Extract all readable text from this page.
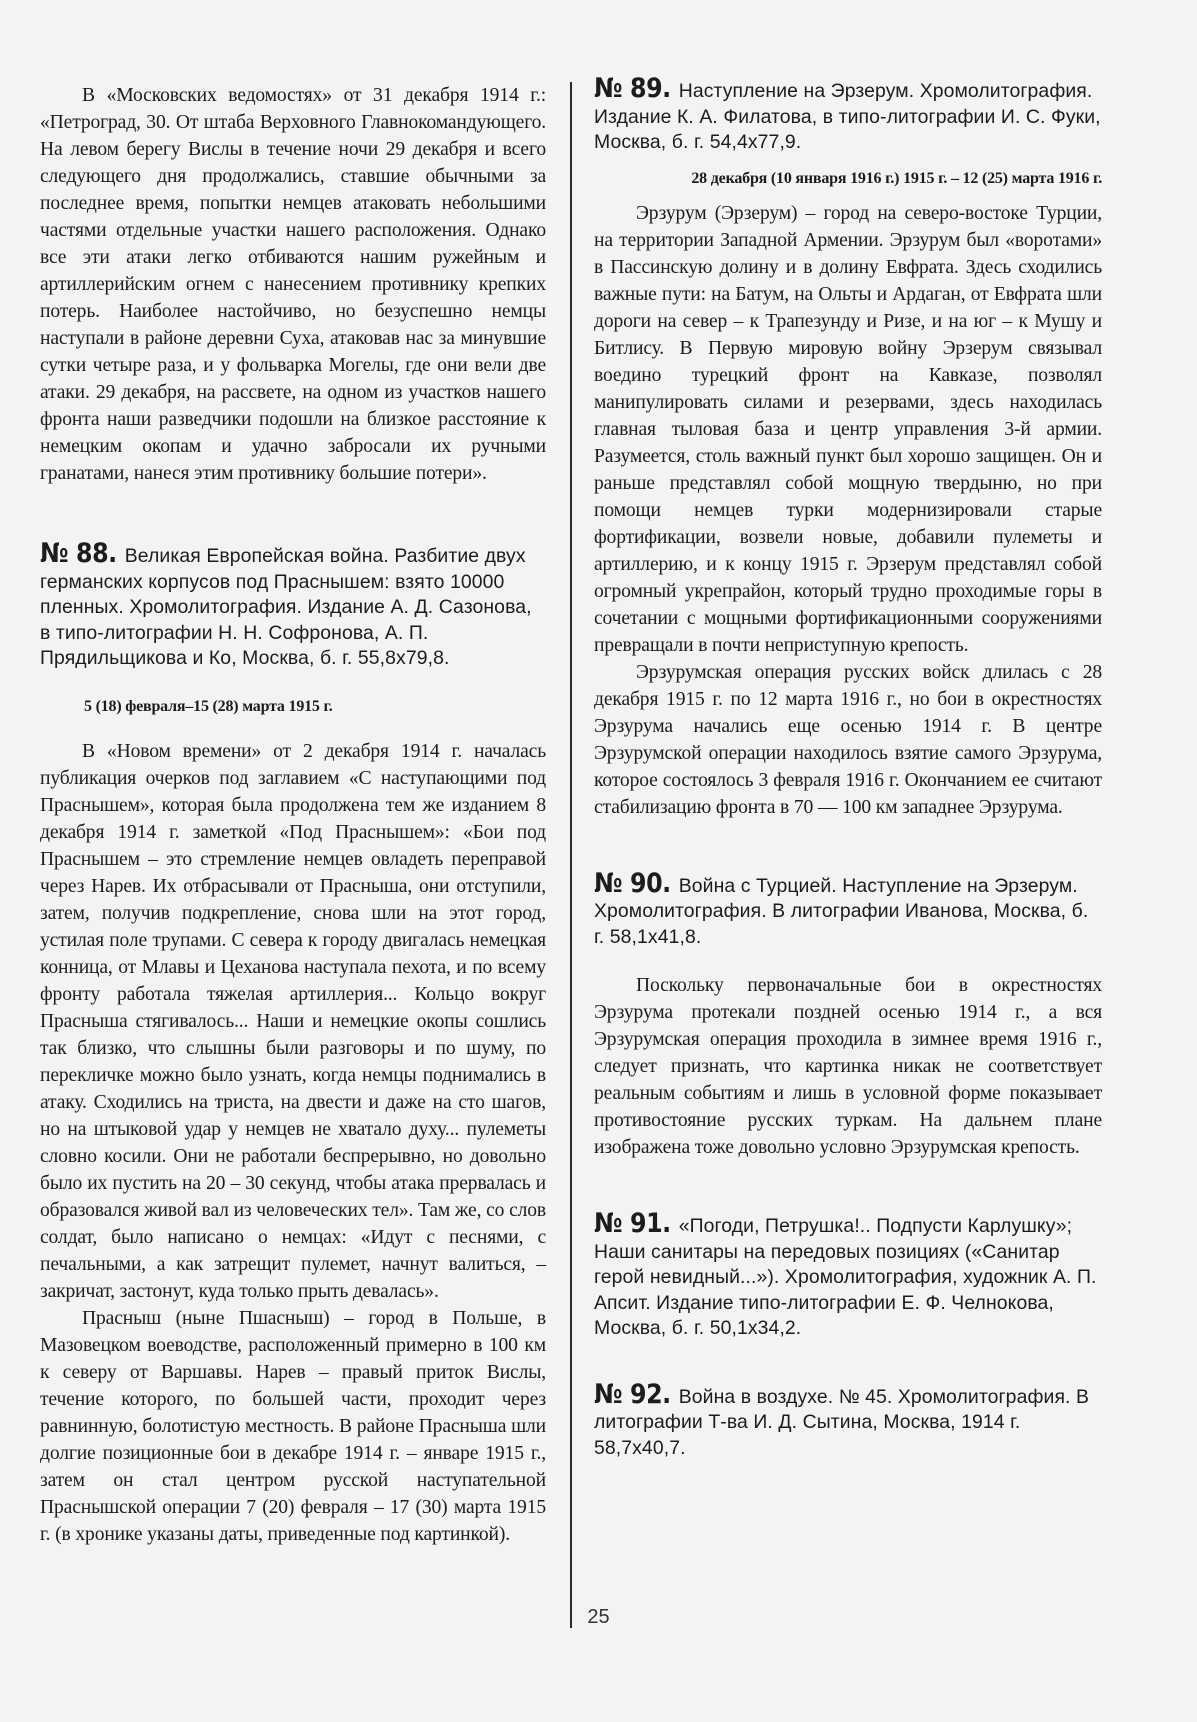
В «Московских ведомостях» от 31 декабря 1914 г.: «Петроград, 30. От штаба Верховного Главнокомандующего. На левом берегу Вислы в течение ночи 29 декабря и всего следующего дня продолжались, ставшие обычными за последнее время, попытки немцев атаковать небольшими частями отдельные участки нашего расположения. Однако все эти атаки легко отбиваются нашим ружейным и артиллерийским огнем с нанесением противнику крепких потерь. Наиболее настойчиво, но безуспешно немцы наступали в районе деревни Суха, атаковав нас за минувшие сутки четыре раза, и у фольварка Могелы, где они вели две атаки. 29 декабря, на рассвете, на одном из участков нашего фронта наши разведчики подошли на близкое расстояние к немецким окопам и удачно забросали их ручными гранатами, нанеся этим противнику большие потери».

№ 88. Великая Европейская война. Разбитие двух германских корпусов под Праснышем: взято 10000 пленных. Хромолитография. Издание А. Д. Сазонова, в типо-литографии Н. Н. Софронова, А. П. Прядильщикова и Ко, Москва, б. г. 55,8x79,8.

5 (18) февраля–15 (28) марта 1915 г.

В «Новом времени» от 2 декабря 1914 г. началась публикация очерков под заглавием «С наступающими под Праснышем», которая была продолжена тем же изданием 8 декабря 1914 г. заметкой «Под Праснышем»: «Бои под Праснышем – это стремление немцев овладеть переправой через Нарев. Их отбрасывали от Прасныша, они отступили, затем, получив подкрепление, снова шли на этот город, устилая поле трупами. С севера к городу двигалась немецкая конница, от Млавы и Цеханова наступала пехота, и по всему фронту работала тяжелая артиллерия... Кольцо вокруг Прасныша стягивалось... Наши и немецкие окопы сошлись так близко, что слышны были разговоры и по шуму, по перекличке можно было узнать, когда немцы поднимались в атаку. Сходились на триста, на двести и даже на сто шагов, но на штыковой удар у немцев не хватало духу... пулеметы словно косили. Они не работали беспрерывно, но довольно было их пустить на 20 – 30 секунд, чтобы атака прервалась и образовался живой вал из человеческих тел». Там же, со слов солдат, было написано о немцах: «Идут с песнями, с печальными, а как затрещит пулемет, начнут валиться, – закричат, застонут, куда только прыть девалась».

Прасныш (ныне Пшасныш) – город в Польше, в Мазовецком воеводстве, расположенный примерно в 100 км к северу от Варшавы. Нарев – правый приток Вислы, течение которого, по большей части, проходит через равнинную, болотистую местность. В районе Прасныша шли долгие позиционные бои в декабре 1914 г. – январе 1915 г., затем он стал центром русской наступательной Праснышской операции 7 (20) февраля – 17 (30) марта 1915 г. (в хронике указаны даты, приведенные под картинкой).

№ 89. Наступление на Эрзерум. Хромолитография. Издание К. А. Филатова, в типо-литографии И. С. Фуки, Москва, б. г. 54,4x77,9.

28 декабря (10 января 1916 г.) 1915 г. – 12 (25) марта 1916 г.

Эрзурум (Эрзерум) – город на северо-востоке Турции, на территории Западной Армении. Эрзурум был «воротами» в Пассинскую долину и в долину Евфрата. Здесь сходились важные пути: на Батум, на Ольты и Ардаган, от Евфрата шли дороги на север – к Трапезунду и Ризе, и на юг – к Мушу и Битлису. В Первую мировую войну Эрзерум связывал воедино турецкий фронт на Кавказе, позволял манипулировать силами и резервами, здесь находилась главная тыловая база и центр управления 3-й армии. Разумеется, столь важный пункт был хорошо защищен. Он и раньше представлял собой мощную твердыню, но при помощи немцев турки модернизировали старые фортификации, возвели новые, добавили пулеметы и артиллерию, и к концу 1915 г. Эрзерум представлял собой огромный укрепрайон, который трудно проходимые горы в сочетании с мощными фортификационными сооружениями превращали в почти неприступную крепость.

Эрзурумская операция русских войск длилась с 28 декабря 1915 г. по 12 марта 1916 г., но бои в окрестностях Эрзурума начались еще осенью 1914 г. В центре Эрзурумской операции находилось взятие самого Эрзурума, которое состоялось 3 февраля 1916 г. Окончанием ее считают стабилизацию фронта в 70 — 100 км западнее Эрзурума.

№ 90. Война с Турцией. Наступление на Эрзерум. Хромолитография. В литографии Иванова, Москва, б. г. 58,1x41,8.

Поскольку первоначальные бои в окрестностях Эрзурума протекали поздней осенью 1914 г., а вся Эрзурумская операция проходила в зимнее время 1916 г., следует признать, что картинка никак не соответствует реальным событиям и лишь в условной форме показывает противостояние русских туркам. На дальнем плане изображена тоже довольно условно Эрзурумская крепость.

№ 91. «Погоди, Петрушка!.. Подпусти Карлушку»; Наши санитары на передовых позициях («Санитар герой невидный...»). Хромолитография, художник А. П. Апсит. Издание типо-литографии Е. Ф. Челнокова, Москва, б. г. 50,1x34,2.

№ 92. Война в воздухе. № 45. Хромолитография. В литографии Т-ва И. Д. Сытина, Москва, 1914 г. 58,7x40,7.

25
